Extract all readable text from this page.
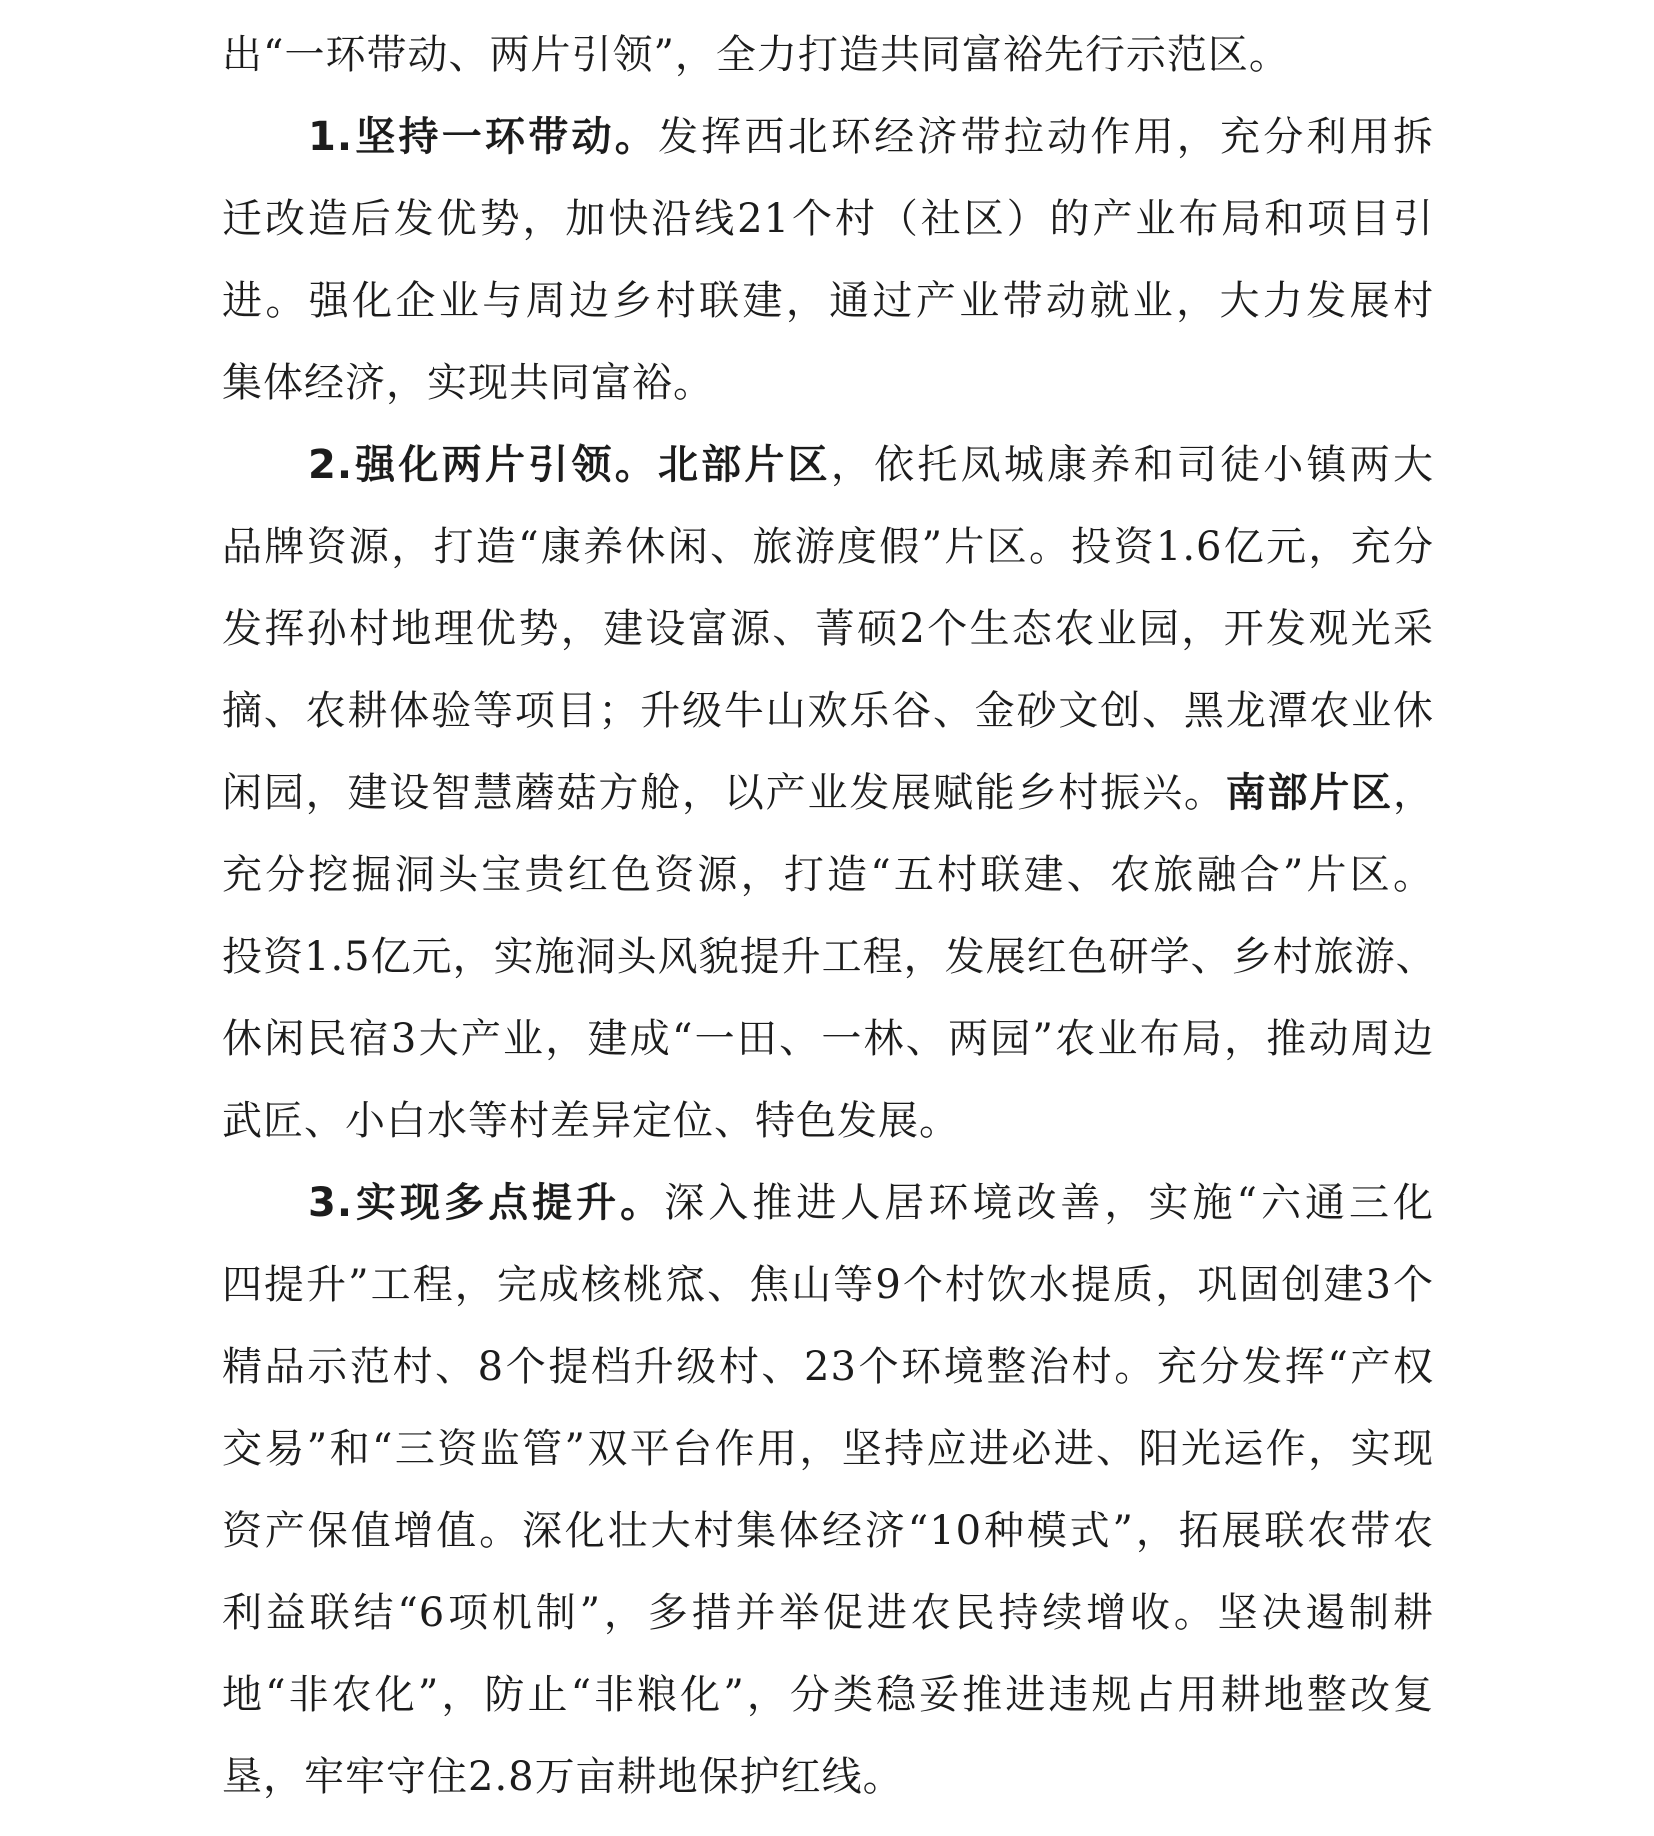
出“一环带动、两片引领”，全力打造共同富裕先行示范区。
1.坚持一环带动。发挥西北环经济带拉动作用，充分利用拆
迁改造后发优势，加快沿线21个村（社区）的产业布局和项目引
进。强化企业与周边乡村联建，通过产业带动就业，大力发展村
集体经济，实现共同富裕。
2.强化两片引领。北部片区，依托凤城康养和司徒小镇两大
品牌资源，打造“康养休闲、旅游度假”片区。投资1.6亿元，充分
发挥孙村地理优势，建设富源、菁硕2个生态农业园，开发观光采
摘、农耕体验等项目；升级牛山欢乐谷、金砂文创、黑龙潭农业休
闲园，建设智慧蘑菇方舱，以产业发展赋能乡村振兴。南部片区，
充分挖掘洞头宝贵红色资源，打造“五村联建、农旅融合”片区。
投资1.5亿元，实施洞头风貌提升工程，发展红色研学、乡村旅游、
休闲民宿3大产业，建成“一田、一林、两园”农业布局，推动周边
武匠、小白水等村差异定位、特色发展。
3.实现多点提升。深入推进人居环境改善，实施“六通三化
四提升”工程，完成核桃窊、焦山等9个村饮水提质，巩固创建3个
精品示范村、8个提档升级村、23个环境整治村。充分发挥“产权
交易”和“三资监管”双平台作用，坚持应进必进、阳光运作，实现
资产保值增值。深化壮大村集体经济“10种模式”，拓展联农带农
利益联结“6项机制”，多措并举促进农民持续增收。坚决遏制耕
地“非农化”，防止“非粮化”，分类稳妥推进违规占用耕地整改复
垦，牢牢守住2.8万亩耕地保护红线。
